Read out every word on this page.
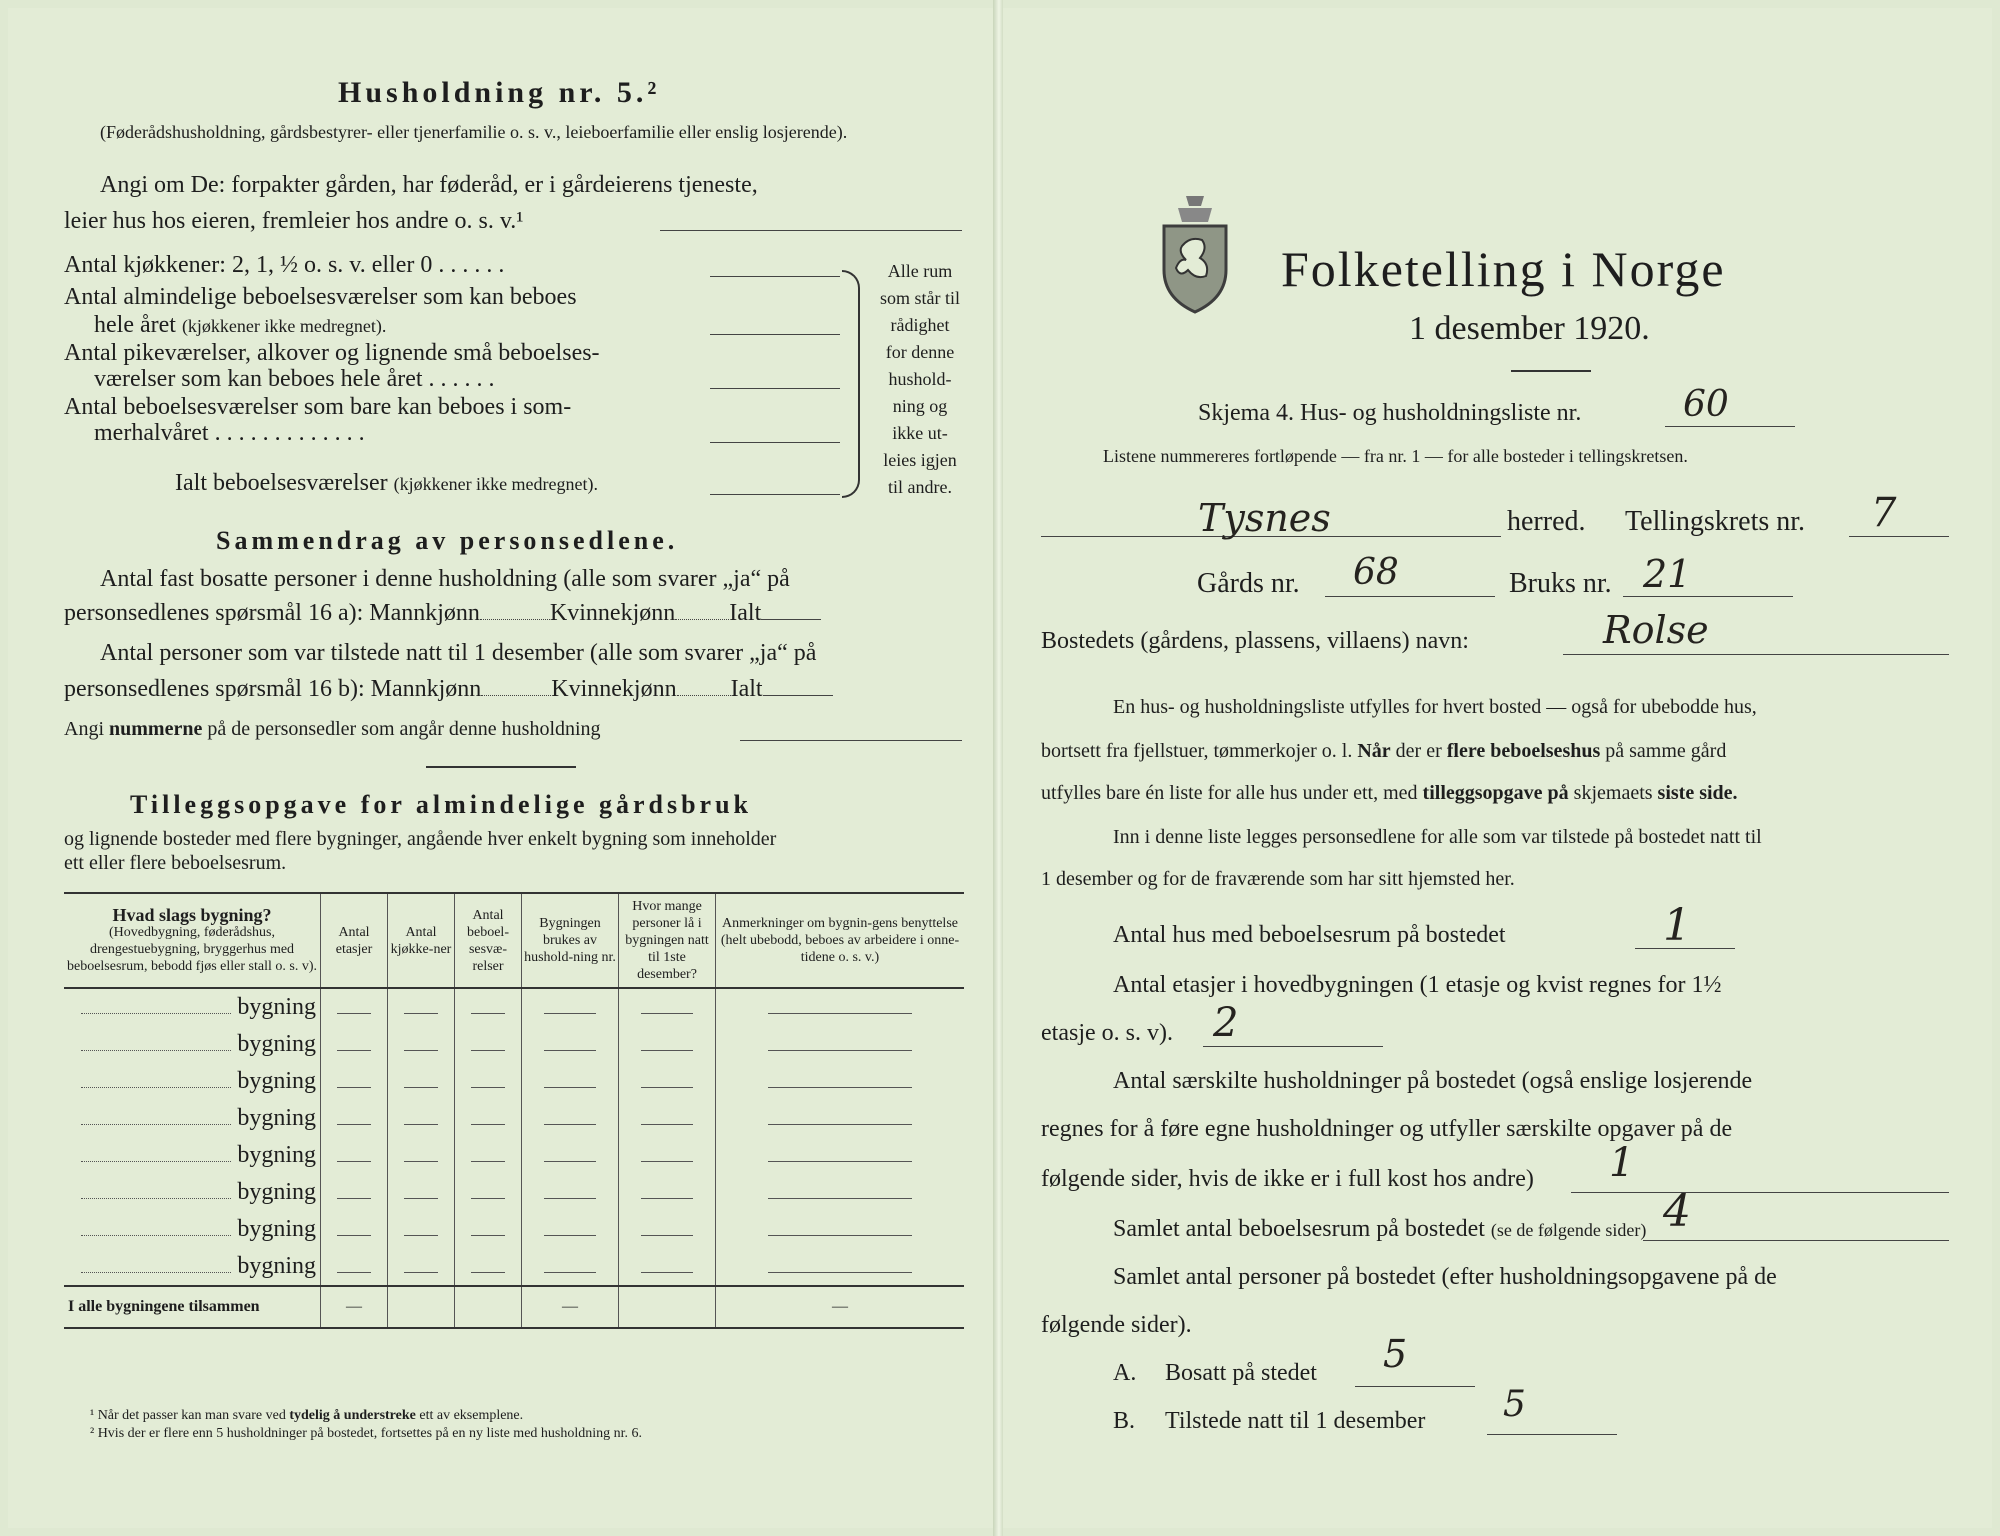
Husholdning nr. 5.²
(Føderådshusholdning, gårdsbestyrer- eller tjenerfamilie o. s. v., leieboerfamilie eller enslig losjerende).
Angi om De: forpakter gården, har føderåd, er i gårdeierens tjeneste,
leier hus hos eieren, fremleier hos andre o. s. v.¹
Antal kjøkkener: 2, 1, ½ o. s. v. eller 0 . . . . . .
Antal almindelige beboelsesværelser som kan beboes
hele året (kjøkkener ikke medregnet).
Antal pikeværelser, alkover og lignende små beboelses-
værelser som kan beboes hele året . . . . . .
Antal beboelsesværelser som bare kan beboes i som-
merhalvåret . . . . . . . . . . . . .
Ialt beboelsesværelser (kjøkkener ikke medregnet).
Alle rum
som står til
rådighet
for denne
hushold-
ning og
ikke ut-
leies igjen
til andre.
Sammendrag av personsedlene.
Antal fast bosatte personer i denne husholdning (alle som svarer „ja“ på
personsedlenes spørsmål 16 a): Mannkjønn	Kvinnekjønn Ialt
Antal personer som var tilstede natt til 1 desember (alle som svarer „ja“ på
personsedlenes spørsmål 16 b): Mannkjønn	Kvinnekjønn Ialt
Angi nummerne på de personsedler som angår denne husholdning
Tilleggsopgave for almindelige gårdsbruk
og lignende bosteder med flere bygninger, angående hver enkelt bygning som inneholder
ett eller flere beboelsesrum.
Hvad slags bygning?
(Hovedbygning, føderådshus, drengestuebygning, bryggerhus med beboelsesrum, bebodd fjøs eller stall o. s. v).	Antal etasjer	Antal kjøkke-ner	Antal beboel-sesvæ-relser	Bygningen brukes av hushold-ning nr.	Hvor mange personer lå i bygningen natt til 1ste desember?	Anmerkninger om bygnin-gens benyttelse (helt ubebodd, beboes av arbeidere i onne-tidene o. s. v.)
bygning						
bygning						
bygning						
bygning						
bygning						
bygning						
bygning						
bygning						
I alle bygningene tilsammen	—			—		—
¹ Når det passer kan man svare ved tydelig å understreke ett av eksemplene.
² Hvis der er flere enn 5 husholdninger på bostedet, fortsettes på en ny liste med husholdning nr. 6.
Folketelling i Norge
1 desember 1920.
Skjema 4. Hus- og husholdningsliste nr.	60
Listene nummereres fortløpende — fra nr. 1 — for alle bosteder i tellingskretsen.
Tysnes	herred. Tellingskrets nr. 7
Gårds nr. 68	Bruks nr. 21
Bostedets (gårdens, plassens, villaens) navn:	Rolse
En hus- og husholdningsliste utfylles for hvert bosted — også for ubebodde hus,
bortsett fra fjellstuer, tømmerkojer o. l. Når der er flere beboelseshus på samme gård
utfylles bare én liste for alle hus under ett, med tilleggsopgave på skjemaets siste side.
Inn i denne liste legges personsedlene for alle som var tilstede på bostedet natt til
1 desember og for de fraværende som har sitt hjemsted her.
Antal hus med beboelsesrum på bostedet	1
Antal etasjer i hovedbygningen (1 etasje og kvist regnes for 1½
etasje o. s. v). 2
Antal særskilte husholdninger på bostedet (også enslige losjerende
regnes for å føre egne husholdninger og utfyller særskilte opgaver på de
følgende sider, hvis de ikke er i full kost hos andre) 1
Samlet antal beboelsesrum på bostedet (se de følgende sider) 4
Samlet antal personer på bostedet (efter husholdningsopgavene på de
følgende sider).
A. Bosatt på stedet 5
B. Tilstede natt til 1 desember 5
